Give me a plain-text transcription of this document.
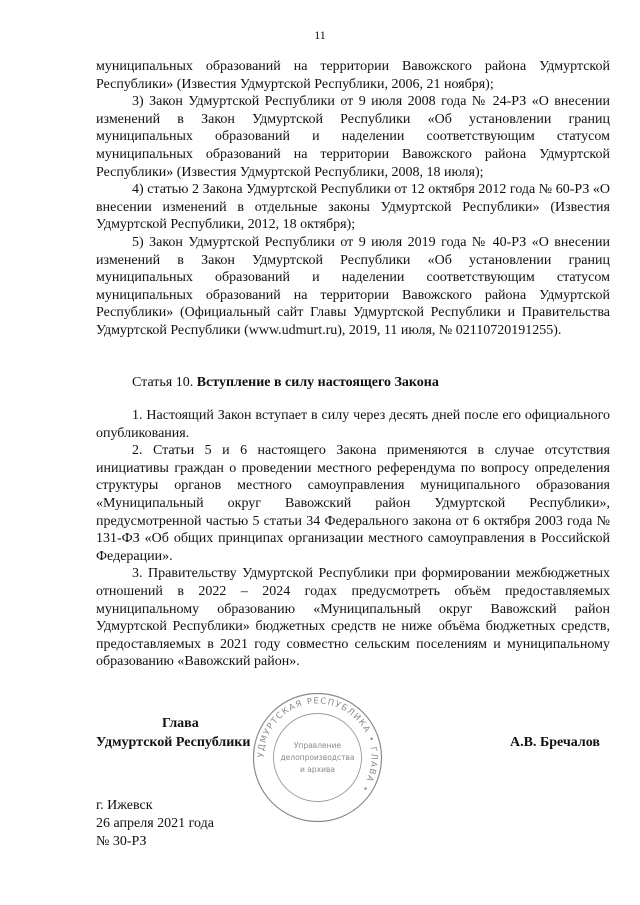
11

муниципальных образований на территории Вавожского района Удмуртской Республики» (Известия Удмуртской Республики, 2006, 21 ноября);

3) Закон Удмуртской Республики от 9 июля 2008 года № 24-РЗ «О внесении изменений в Закон Удмуртской Республики «Об установлении границ муниципальных образований и наделении соответствующим статусом муниципальных образований на территории Вавожского района Удмуртской Республики» (Известия Удмуртской Республики, 2008, 18 июля);

4) статью 2 Закона Удмуртской Республики от 12 октября 2012 года № 60-РЗ «О внесении изменений в отдельные законы Удмуртской Республики» (Известия Удмуртской Республики, 2012, 18 октября);

5) Закон Удмуртской Республики от 9 июля 2019 года № 40-РЗ «О внесении изменений в Закон Удмуртской Республики «Об установлении границ муниципальных образований и наделении соответствующим статусом муниципальных образований на территории Вавожского района Удмуртской Республики» (Официальный сайт Главы Удмуртской Республики и Правительства Удмуртской Республики (www.udmurt.ru), 2019, 11 июля, № 02110720191255).

Статья 10. Вступление в силу настоящего Закона

1. Настоящий Закон вступает в силу через десять дней после его официального опубликования.

2. Статьи 5 и 6 настоящего Закона применяются в случае отсутствия инициативы граждан о проведении местного референдума по вопросу определения структуры органов местного самоуправления муниципального образования «Муниципальный округ Вавожский район Удмуртской Республики», предусмотренной частью 5 статьи 34 Федерального закона от 6 октября 2003 года № 131-ФЗ «Об общих принципах организации местного самоуправления в Российской Федерации».

3. Правительству Удмуртской Республики при формировании межбюджетных отношений в 2022 – 2024 годах предусмотреть объём предоставляемых муниципальному образованию «Муниципальный округ Вавожский район Удмуртской Республики» бюджетных средств не ниже объёма бюджетных средств, предоставляемых в 2021 году совместно сельским поселениям и муниципальному образованию «Вавожский район».

УДМУРТСКАЯ РЕСПУБЛИКА • ГЛАВА •
Управление
делопроизводства
и архива
Глава
Удмуртской Республики	А.В. Бречалов
г. Ижевск
26 апреля 2021 года
№ 30-РЗ
